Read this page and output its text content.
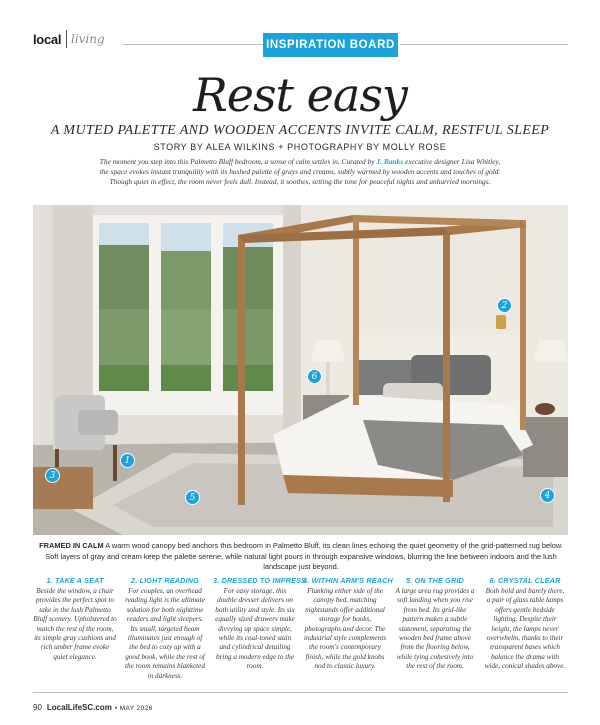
local living	INSPIRATION BOARD
Rest easy
A MUTED PALETTE AND WOODEN ACCENTS INVITE CALM, RESTFUL SLEEP
STORY BY ALEA WILKINS + PHOTOGRAPHY BY MOLLY ROSE
The moment you step into this Palmetto Bluff bedroom, a sense of calm settles in. Curated by J. Banks executive designer Lisa Whitley, the space evokes instant tranquility with its hushed palette of grays and creams, subtly warmed by wooden accents and touches of gold. Though quiet in effect, the room never feels dull. Instead, it soothes, setting the tone for peaceful nights and unhurried mornings.
1
2
3
4
5
6
FRAMED IN CALM A warm wood canopy bed anchors this bedroom in Palmetto Bluff, its clean lines echoing the quiet geometry of the grid-patterned rug below. Soft layers of gray and cream keep the palette serene, while natural light pours in through expansive windows, blurring the line between indoors and the lush landscape just beyond.
1. TAKE A SEAT

Beside the window, a chair provides the perfect spot to take in the lush Palmetto Bluff scenery. Upholstered to match the rest of the room, its simple gray cushions and rich umber frame evoke quiet elegance.

2. LIGHT READING

For couples, an overhead reading light is the ultimate solution for both nighttime readers and light sleepers. Its small, targeted beam illuminates just enough of the bed to cozy up with a good book, while the rest of the room remains blanketed in darkness.

3. DRESSED TO IMPRESS

For easy storage, this double dresser delivers on both utility and style. Its six equally sized drawers make divvying up space simple, while its coal-toned stain and cylindrical detailing bring a modern edge to the room.

4. WITHIN ARM'S REACH

Flanking either side of the canopy bed, matching nightstands offer additional storage for books, photographs and decor. The industrial style complements the room's contemporary finish, while the gold knobs nod to classic luxury.

5. ON THE GRID

A large area rug provides a soft landing when you rise from bed. Its grid-like pattern makes a subtle statement, separating the wooden bed frame above from the flooring below, while tying cohesively into the rest of the room.

6. CRYSTAL CLEAR

Both bold and barely there, a pair of glass table lamps offers gentle bedside lighting. Despite their height, the lamps never overwhelm, thanks to their transparent bases which balance the drama with wide, conical shades above.

90 LocalLifeSC.com • MAY 2026
